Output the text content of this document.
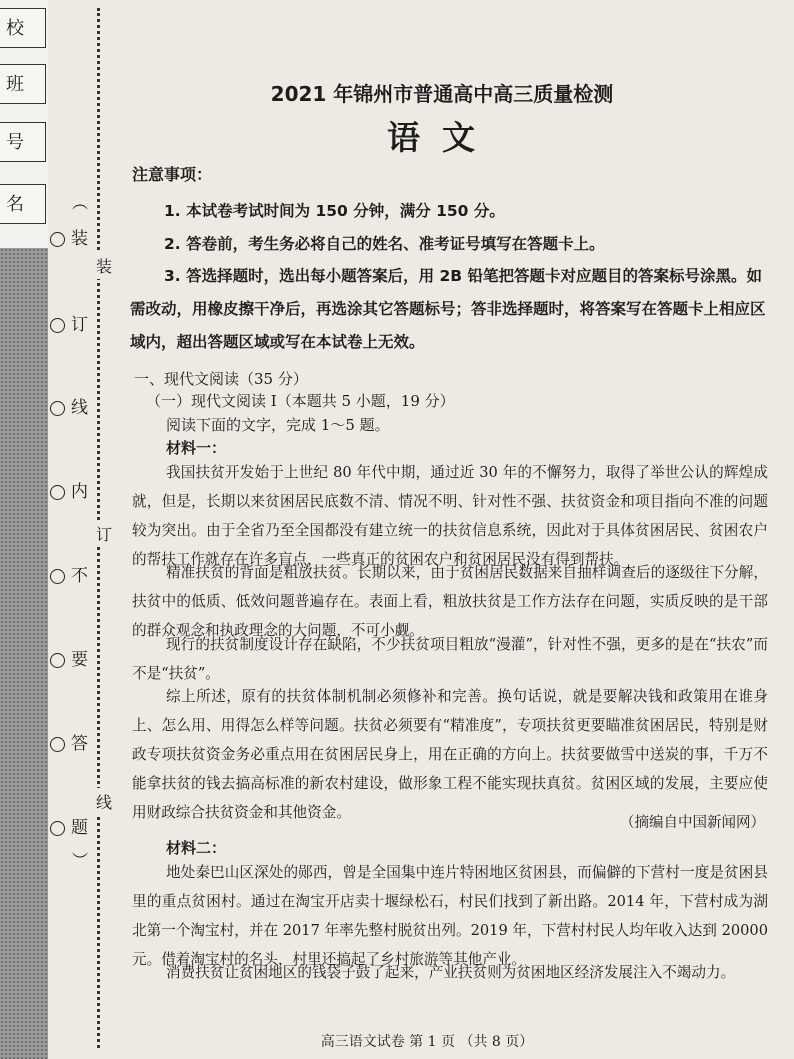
校
班
号
名	︵
装
订
线
内
不
要
答
题
︶
装
订
线
2021 年锦州市普通高中高三质量检测
语文
注意事项：
1. 本试卷考试时间为 150 分钟，满分 150 分。
2. 答卷前，考生务必将自己的姓名、准考证号填写在答题卡上。
3. 答选择题时，选出每小题答案后，用 2B 铅笔把答题卡对应题目的答案标号涂黑。如需改动，用橡皮擦干净后，再选涂其它答题标号；答非选择题时，将答案写在答题卡上相应区域内，超出答题区域或写在本试卷上无效。
一、现代文阅读（35 分）
（一）现代文阅读 I（本题共 5 小题，19 分）
阅读下面的文字，完成 1～5 题。
材料一：
我国扶贫开发始于上世纪 80 年代中期，通过近 30 年的不懈努力，取得了举世公认的辉煌成就，但是，长期以来贫困居民底数不清、情况不明、针对性不强、扶贫资金和项目指向不准的问题较为突出。由于全省乃至全国都没有建立统一的扶贫信息系统，因此对于具体贫困居民、贫困农户的帮扶工作就存在许多盲点，一些真正的贫困农户和贫困居民没有得到帮扶。
精准扶贫的背面是粗放扶贫。长期以来，由于贫困居民数据来自抽样调查后的逐级往下分解，扶贫中的低质、低效问题普遍存在。表面上看，粗放扶贫是工作方法存在问题，实质反映的是干部的群众观念和执政理念的大问题，不可小觑。
现行的扶贫制度设计存在缺陷，不少扶贫项目粗放“漫灌”，针对性不强，更多的是在“扶农”而不是“扶贫”。
综上所述，原有的扶贫体制机制必须修补和完善。换句话说，就是要解决钱和政策用在谁身上、怎么用、用得怎么样等问题。扶贫必须要有“精准度”，专项扶贫更要瞄准贫困居民，特别是财政专项扶贫资金务必重点用在贫困居民身上，用在正确的方向上。扶贫要做雪中送炭的事，千万不能拿扶贫的钱去搞高标准的新农村建设，做形象工程不能实现扶真贫。贫困区域的发展，主要应使用财政综合扶贫资金和其他资金。
（摘编自中国新闻网）
材料二：
地处秦巴山区深处的郧西，曾是全国集中连片特困地区贫困县，而偏僻的下营村一度是贫困县里的重点贫困村。通过在淘宝开店卖十堰绿松石，村民们找到了新出路。2014 年，下营村成为湖北第一个淘宝村，并在 2017 年率先整村脱贫出列。2019 年，下营村村民人均年收入达到 20000 元。借着淘宝村的名头，村里还搞起了乡村旅游等其他产业。
消费扶贫让贫困地区的钱袋子鼓了起来，产业扶贫则为贫困地区经济发展注入不竭动力。
高三语文试卷 第 1 页 （共 8 页）
